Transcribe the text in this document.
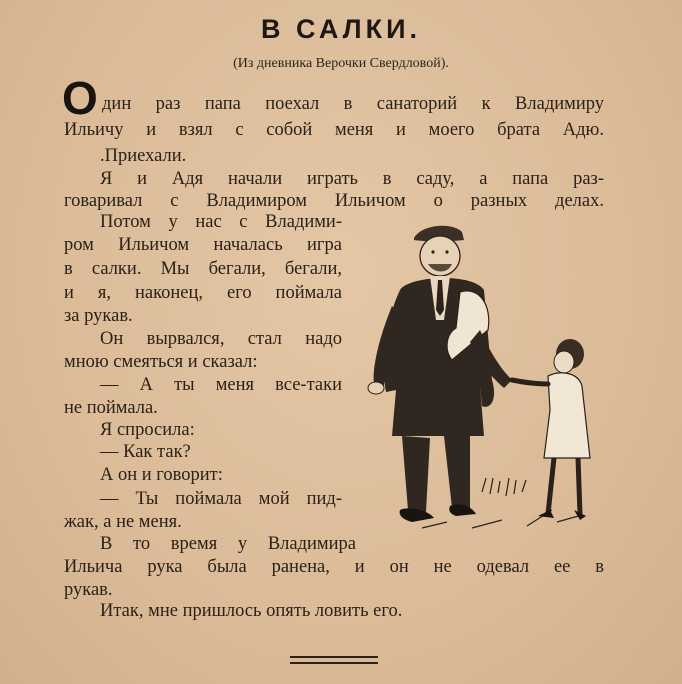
В САЛКИ.
(Из дневника Верочки Свердловой).
О дин раз папа поехал в санаторий к Владимиру
Ильичу и взял с собой меня и моего брата Адю.
.Приехали.
Я и Адя начали играть в саду, а папа раз-
говаривал с Владимиром Ильичом о разных делах.
Потом у нас с Владими-
ром Ильичом началась игра
в салки. Мы бегали, бегали,
и я, наконец, его поймала
за рукав.
Он вырвался, стал надо
мною смеяться и сказал:
— А ты меня все-таки
не поймала.
Я спросила:
— Как так?
А он и говорит:
— Ты поймала мой пид-
жак, а не меня.
В то время у Владимира
Ильича рука была ранена, и он не одевал ее в
рукав.
Итак, мне пришлось опять ловить его.
